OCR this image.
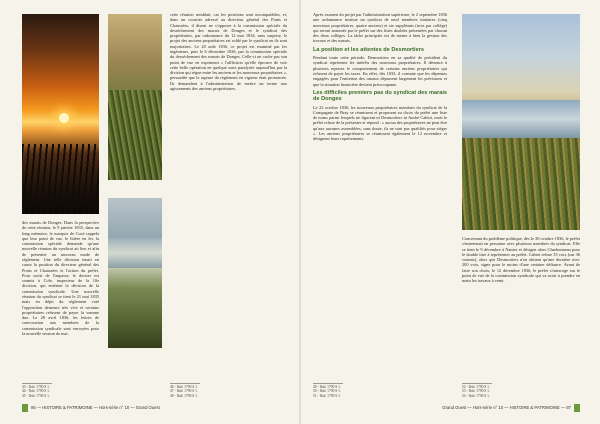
des marais de Donges. Dans la perspective de cette réunion, le 9 janvier 1835, dans un long mémoire, le marquis de Cucé rappela que leur point de vue, le litière en fer, la commission spéciale demande qu'une nouvelle réunion du syndicat ait lieu et afin de présenter un nouveau mode de règlement. Une telle décision tenait en cause la position du directeur général des Ponts et Chaussées et l'action du préfet. Pour sortir de l'impasse, le dossier est soumis à Cole, inspecteur de la 10e division, qui entérine la décision de la commission syndicale. Une nouvelle réunion du syndicat se tient le 21 mai 1835 mais en dépit du règlement voté l'opposition demeure très vive et certains propriétaires refusent de payer la somme due. Le 28 avril 1836, les lettres de convocation aux membres de la commission syndicale sont envoyées pour la nouvelle session de mai.

43 - Ibid. 1790 S 1.
44 - Ibid. 1790 S 1.
45 - Ibid. 1790 S 1.

cette réunion semblait, car les positions sont incompatibles, et, dans un courrier adressé au directeur général des Ponts et Chaussées, il disent ne s'opposer à la commission spéciale du desséchement des marais de Donges et le syndicat des propriétaires, par ordonnance du 12 mai 1834, sans surprise, le projet des anciens propriétaires est soldé par le syndicat en ils sont majoritaires. Le 20 août 1836, ce projet est examiné par les ingénieurs, puis le 6 décembre 1836, par la commission spéciale du desséchement des marais de Donges. Celle-ci ne cache pas son point de vue en expriment « l'affliction qu'elle éprouve de voir cette belle opération en quelque sorte paralysée aujourd'hui par la division qui règne entre les anciens et les nouveaux propriétaires », persuadée que la rupture du règlement en vigueur était prononcée. Ils demandent à l'administration de mettre un terme aux agissements des anciens propriétaires.

46 - Ibid. 1790 S 1.
47 - Ibid. 1790 S 1.
48 - Ibid. 1790 S 1.

Après examen du projet par l'administration supérieure, le 2 septembre 1836 une ordonnance institue un syndicat de neuf membres titulaires (cinq nouveaux propriétaires, quatre anciens) et six suppléants (trois par collège) qui seront nommés par le préfet sur des listes doubles présentées par chacun des deux collèges. La tâche principale est de mener à bien la gestion des travaux et des marais.

La position et les attentes de Desmortiers

Pendant toute cette période, Desmortiers en sa qualité de président du syndicat représente les intérêts des nouveaux propriétaires. Il dénonce à plusieurs reprises le comportement de certains anciens propriétaires qui refusent de payer les taxes. En effet, dès 1833, il constate que les dépenses engagées pour l'entretien des canaux dépassent largement les prévisions et que la situation financière devient préoccupante.

Les difficiles premiers pas du syndicat des marais de Donges

Le 22 octobre 1836, les nouveaux propriétaires membres du syndicat de la Compagnie de Bray se réunissent et proposent au choix du préfet une liste de noms parmi lesquels ne figurent ni Desmortiers ni André Cabiot, mais le préfet refuse de la présenter et répond : « aucun des propriétaires ne peut être qu'aux aucunes assemblées, sans doute, ils ne sont pas qualifiés pour siéger ». Les anciens propriétaires se réunissent également le 12 novembre et désignent leurs représentants.

49 - Ibid. 1790 S 1.
50 - Ibid. 1790 S 1.
51 - Ibid. 1790 S 1.

Concernant du problème politique, dès le 30 octobre 1836, le préfet s'entretenait en personne avec plusieurs membres du syndicat. Elle se tient le 9 décembre à Nantes et désigne alors Charbonneau pour le double titre à représenter au préfet. Cabiot refuse 35 voix (sur 36 votants), alors que Desmortiers n'en obtient qu'une dernière avec 200 voix, signe pour le moins d'une certaine défiance. Avant de faire son choix, le 12 décembre 1836, le préfet s'interroge sur le point de vue de la commission syndicale qui va avoir à prendre en main les travaux à venir.

52 - Ibid. 1790 S 1.
53 - Ibid. 1790 S 1.
54 - Ibid. 1790 S 1.
86 — HISTOIRE & PATRIMOINE — Hors-série n° 10 — Grand Ouest	Grand Ouest — Hors-série n° 10 — HISTOIRE & PATRIMOINE — 87
